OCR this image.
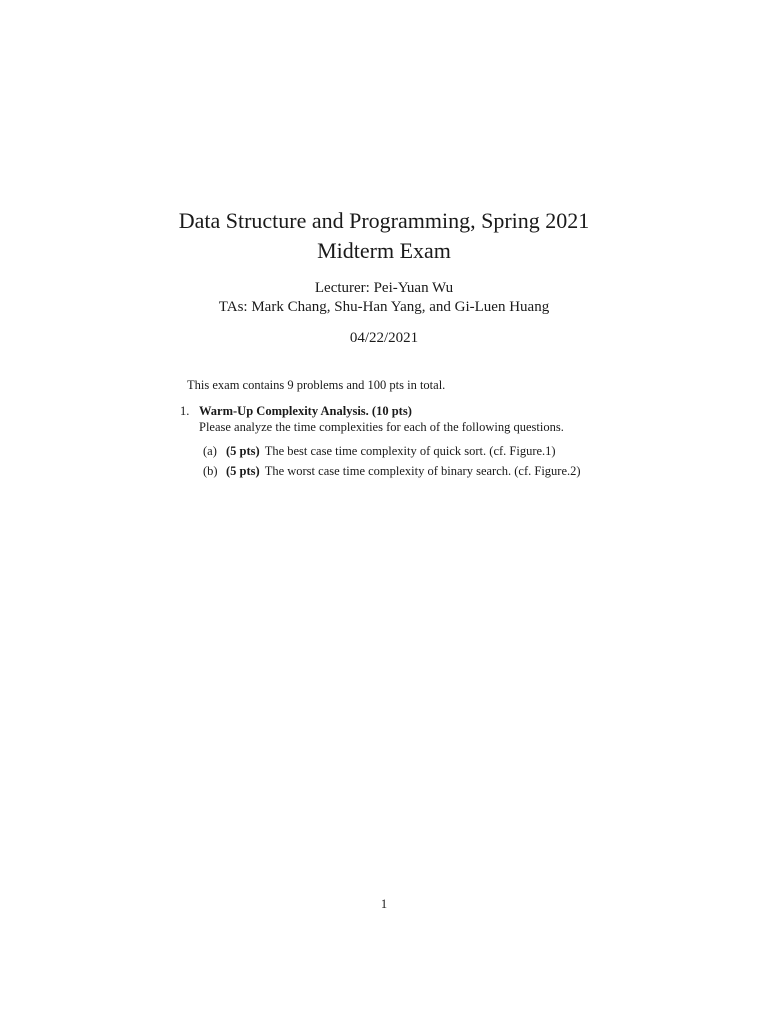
Data Structure and Programming, Spring 2021
Midterm Exam
Lecturer: Pei-Yuan Wu
TAs: Mark Chang, Shu-Han Yang, and Gi-Luen Huang
04/22/2021
This exam contains 9 problems and 100 pts in total.
1. Warm-Up Complexity Analysis. (10 pts)
Please analyze the time complexities for each of the following questions.
(a) (5 pts) The best case time complexity of quick sort. (cf. Figure.1)
(b) (5 pts) The worst case time complexity of binary search. (cf. Figure.2)
1
